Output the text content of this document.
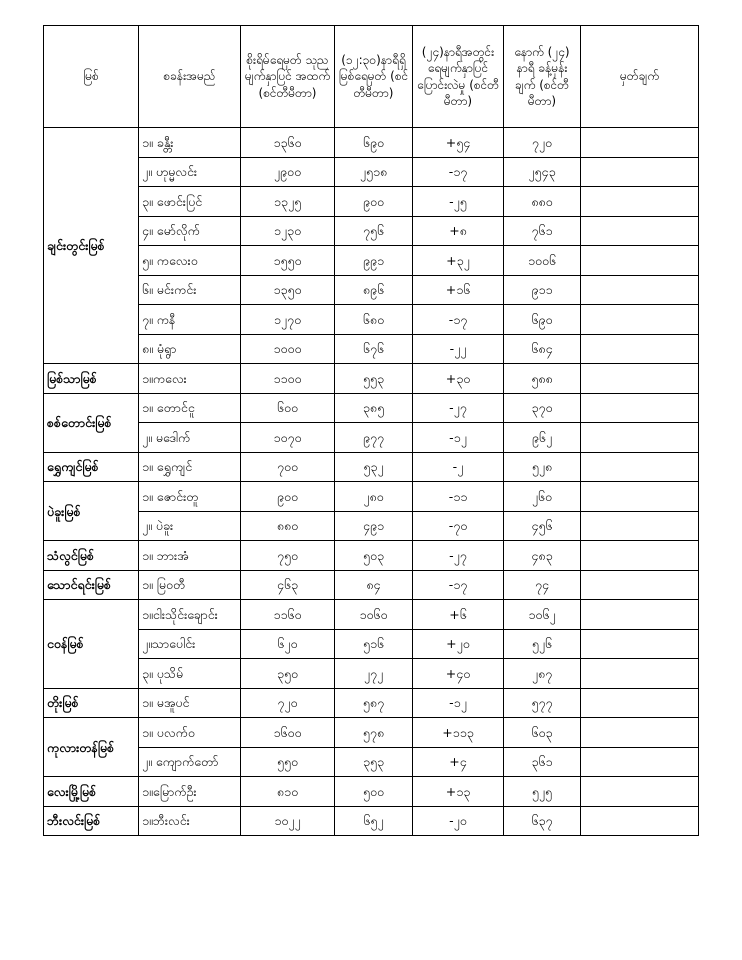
မြစ်	စခန်းအမည်	စိုးရိမ်ရေမှတ် သုညမျက်နှာပြင် အထက် (စင်တီမီတာ)	(၁၂:၃၀)နာရီရှိ မြစ်ရေမှတ် (စင်တီမီတာ)	(၂၄)နာရီအတွင်း ရေမျက်နှာပြင် ပြောင်းလဲမှု (စင်တီမီတာ)	နောက် (၂၄) နာရီ ခန့်မှန်းချက် (စင်တီမီတာ)	မှတ်ချက်
ချင်းတွင်းမြစ်	၁။ ခန္တီး	၁၃၆၀	၆၉၀	+၅၄	၇၂၀	
	၂။ ဟုမ္မလင်း	၂၉၀၀	၂၅၁၈	-၁၇	၂၅၄၃	
	၃။ ဖောင်းပြင်	၁၃၂၅	၉၀၀	-၂၅	၈၈၀	
	၄။ မော်လိုက်	၁၂၃၀	၇၅၆	+၈	၇၆၁	
	၅။ ကလေးဝ	၁၅၅၀	၉၉၁	+၃၂	၁၀၀၆	
	၆။ မင်းကင်း	၁၃၅၀	၈၉၆	+၁၆	၉၁၁	
	၇။ ကနီ	၁၂၇၀	၆၈၀	-၁၇	၆၉၀	
	၈။ မုံရွာ	၁၀၀၀	၆၇၆	-၂၂	၆၈၄	
မြစ်သာမြစ်	၁။ကလေး	၁၁၀၀	၅၅၃	+၃၀	၅၈၈	
စစ်တောင်းမြစ်	၁။ တောင်ငူ	၆၀၀	၃၈၅	-၂၇	၃၇၀	
	၂။ မဒေါက်	၁၀၇၀	၉၇၇	-၁၂	၉၆၂	
ရွှေကျင်မြစ်	၁။ ရွှေကျင်	၇၀၀	၅၃၂	-၂	၅၂၈	
ပဲခူးမြစ်	၁။ ဇောင်းတူ	၉၀၀	၂၈၀	-၁၁	၂၆၀	
	၂။ ပဲခူး	၈၈၀	၄၉၁	-၇၀	၄၅၆	
သံလွင်မြစ်	၁။ ဘားအံ	၇၅၀	၅၀၃	-၂၇	၄၈၃	
သောင်ရင်းမြစ်	၁။ မြဝတီ	၄၆၃	၈၄	-၁၇	၇၄	
ငဝန်မြစ်	၁။ငါးသိုင်းချောင်း	၁၁၆၀	၁၀၆၀	+၆	၁၀၆၂	
	၂။သာပေါင်း	၆၂၀	၅၁၆	+၂၀	၅၂၆	
	၃။ ပုသိမ်	၃၅၀	၂၇၂	+၄၀	၂၈၇	
တိုးမြစ်	၁။ မအူပင်	၇၂၀	၅၈၇	-၁၂	၅၇၇	
ကုလားတန်မြစ်	၁။ ပလက်ဝ	၁၆၀၀	၅၇၈	+၁၁၃	၆၀၃	
	၂။ ကျောက်တော်	၅၅၀	၃၅၃	+၄	၃၆၁	
လေးမြို့မြစ်	၁။မြောက်ဦး	၈၁၀	၅၀၀	+၁၃	၅၂၅	
ဘီးလင်းမြစ်	၁။ဘီးလင်း	၁၀၂၂	၆၅၂	-၂၀	၆၃၇	
